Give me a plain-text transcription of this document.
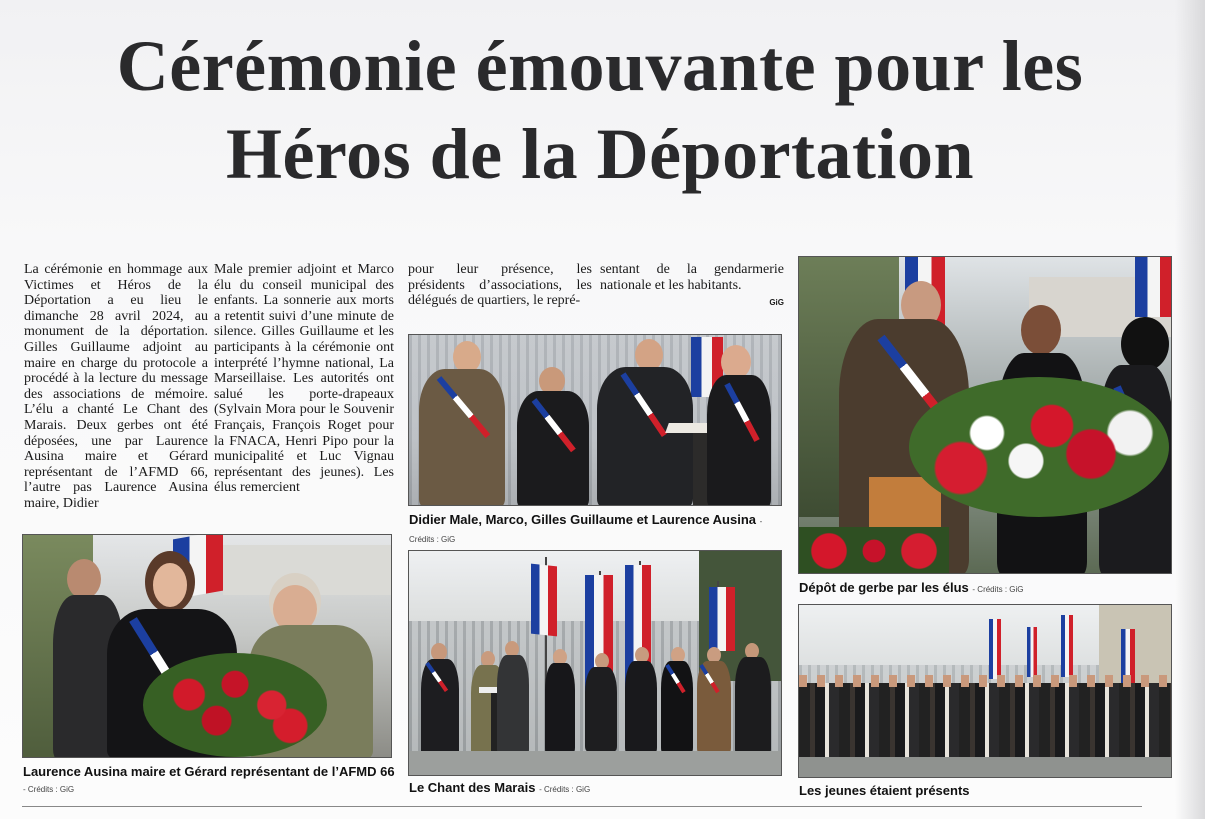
Cérémonie émouvante pour les
Héros de la Déportation

La cérémonie en hommage aux Victimes et Héros de la Déportation a eu lieu le dimanche 28 avril 2024, au monument de la déportation. Gilles Guillaume adjoint au maire en charge du protocole a procédé à la lecture du message des associations de mémoire. L’élu a chanté Le Chant des Marais. Deux gerbes ont été déposées, une par Laurence Ausina maire et Gérard représentant de l’AFMD 66, l’autre pas Laurence Ausina maire, Didier

Male premier adjoint et Marco élu du conseil municipal des enfants. La sonnerie aux morts a retentit suivi d’une minute de silence. Gilles Guillaume et les participants à la cérémonie ont interprété l’hymne national, La Marseillaise. Les autorités ont salué les porte-drapeaux (Sylvain Mora pour le Souvenir Français, François Roget pour la FNACA, Henri Pipo pour la municipalité et Luc Vignau représentant des jeunes). Les élus remercient

pour leur présence, les présidents d’associations, les délégués de quartiers, le repré-

sentant de la gendarmerie nationale et les habitants.

GiG
Didier Male, Marco, Gilles Guillaume et Laurence Ausina - Crédits : GiG
Dépôt de gerbe par les élus - Crédits : GiG
Laurence Ausina maire et Gérard représentant de l’AFMD 66 - Crédits : GiG	Le Chant des Marais - Crédits : GiG	Les jeunes étaient présents
